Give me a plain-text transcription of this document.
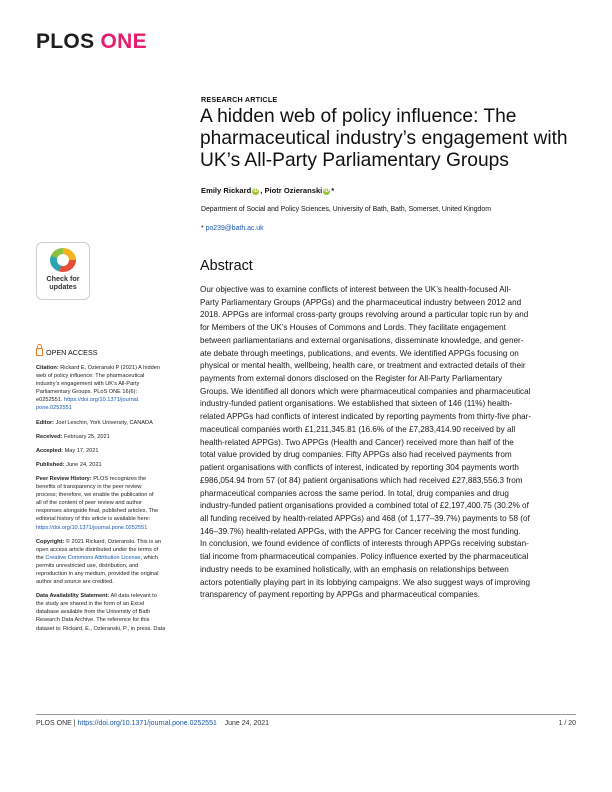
PLOS ONE
RESEARCH ARTICLE
A hidden web of policy influence: The
pharmaceutical industry’s engagement with
UK’s All-Party Parliamentary Groups
Emily Rickard iD , Piotr Ozieranski iD *
Department of Social and Policy Sciences, University of Bath, Bath, Somerset, United Kingdom
* po239@bath.ac.uk
Check for
updates
OPEN ACCESS
Citation: Rickard E, Ozieranski P (2021) A hidden
web of policy influence: The pharmaceutical
industry’s engagement with UK’s All-Party
Parliamentary Groups. PLoS ONE 16(6):
e0252551. https://doi.org/10.1371/journal.
pone.0252551
Editor: Joel Lexchin, York University, CANADA
Received: February 25, 2021
Accepted: May 17, 2021
Published: June 24, 2021
Peer Review History: PLOS recognizes the
benefits of transparency in the peer review
process; therefore, we enable the publication of
all of the content of peer review and author
responses alongside final, published articles. The
editorial history of this article is available here:
https://doi.org/10.1371/journal.pone.0252551
Copyright: © 2021 Rickard, Ozieranski. This is an
open access article distributed under the terms of
the Creative Commons Attribution License, which
permits unrestricted use, distribution, and
reproduction in any medium, provided the original
author and source are credited.
Data Availability Statement: All data relevant to
the study are shared in the form of an Excel
database available from the University of Bath
Research Data Archive. The reference for this
dataset is: Rickard, E., Ozieranski, P., in press. Data
Abstract
Our objective was to examine conflicts of interest between the UK’s health-focused All-
Party Parliamentary Groups (APPGs) and the pharmaceutical industry between 2012 and
2018. APPGs are informal cross-party groups revolving around a particular topic run by and
for Members of the UK’s Houses of Commons and Lords. They facilitate engagement
between parliamentarians and external organisations, disseminate knowledge, and gener-
ate debate through meetings, publications, and events. We identified APPGs focusing on
physical or mental health, wellbeing, health care, or treatment and extracted details of their
payments from external donors disclosed on the Register for All-Party Parliamentary
Groups. We identified all donors which were pharmaceutical companies and pharmaceutical
industry-funded patient organisations. We established that sixteen of 146 (11%) health-
related APPGs had conflicts of interest indicated by reporting payments from thirty-five phar-
maceutical companies worth £1,211,345.81 (16.6% of the £7,283,414.90 received by all
health-related APPGs). Two APPGs (Health and Cancer) received more than half of the
total value provided by drug companies. Fifty APPGs also had received payments from
patient organisations with conflicts of interest, indicated by reporting 304 payments worth
£986,054.94 from 57 (of 84) patient organisations which had received £27,883,556.3 from
pharmaceutical companies across the same period. In total, drug companies and drug
industry-funded patient organisations provided a combined total of £2,197,400.75 (30.2% of
all funding received by health-related APPGs) and 468 (of 1,177–39.7%) payments to 58 (of
146–39.7%) health-related APPGs, with the APPG for Cancer receiving the most funding.
In conclusion, we found evidence of conflicts of interests through APPGs receiving substan-
tial income from pharmaceutical companies. Policy influence exerted by the pharmaceutical
industry needs to be examined holistically, with an emphasis on relationships between
actors potentially playing part in its lobbying campaigns. We also suggest ways of improving
transparency of payment reporting by APPGs and pharmaceutical companies.
PLOS ONE | https://doi.org/10.1371/journal.pone.0252551 June 24, 2021	1 / 20
